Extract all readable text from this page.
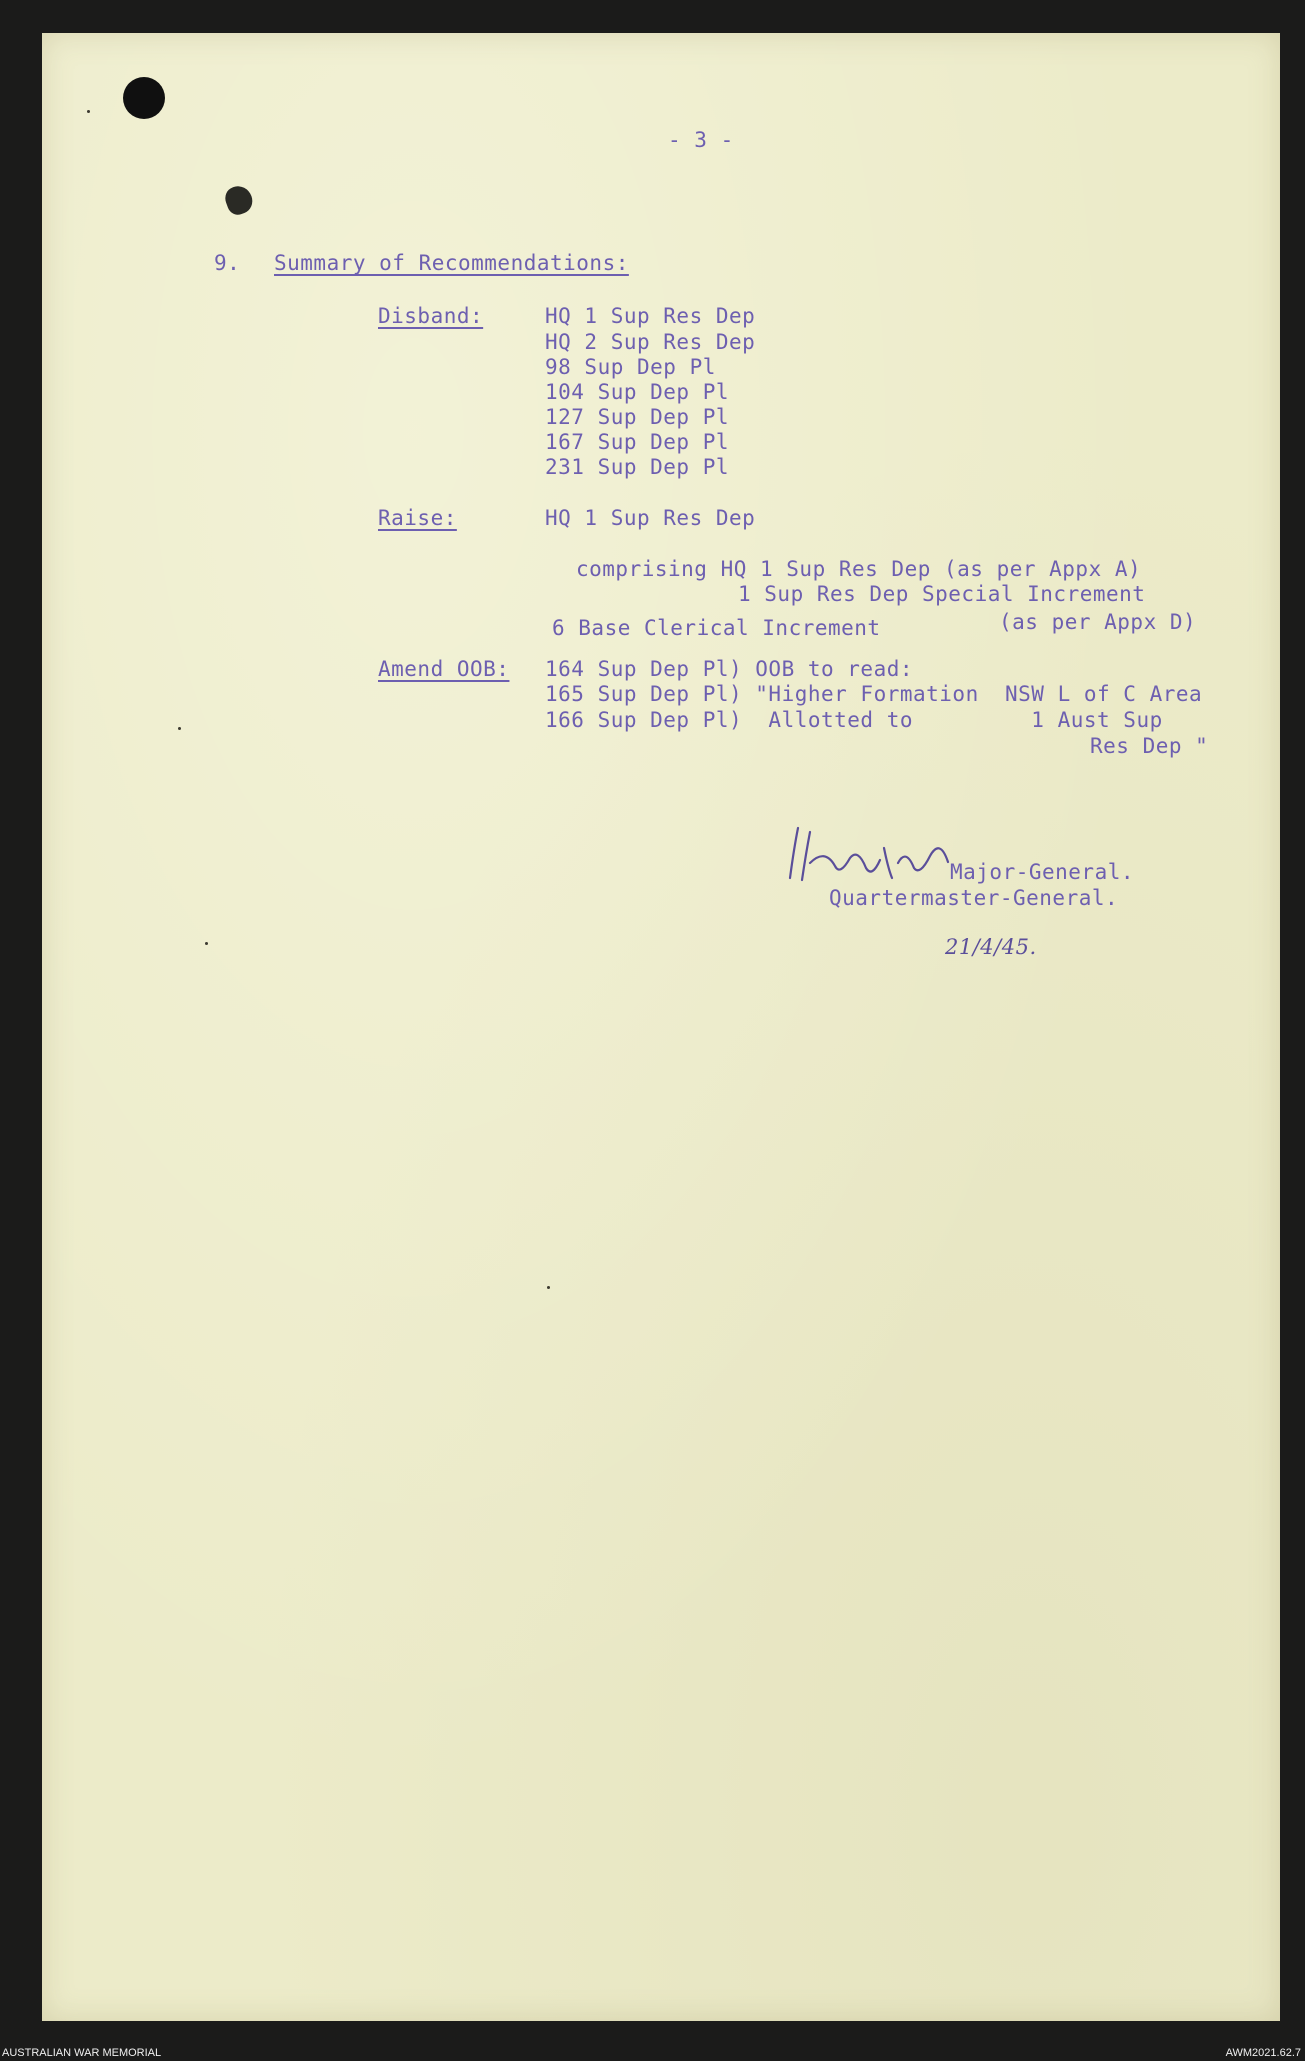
- 3 -
9. Summary of Recommendations:
Disband:	HQ 1 Sup Res Dep
HQ 2 Sup Res Dep
98 Sup Dep Pl
104 Sup Dep Pl
127 Sup Dep Pl
167 Sup Dep Pl
231 Sup Dep Pl
Raise:	HQ 1 Sup Res Dep
comprising HQ 1 Sup Res Dep (as per Appx A)
1 Sup Res Dep Special Increment
(as per Appx D)
6 Base Clerical Increment
Amend OOB: 164 Sup Dep Pl) OOB to read:
165 Sup Dep Pl) "Higher Formation  NSW L of C Area
166 Sup Dep Pl)  Allotted to         1 Aust Sup
Res Dep "
Major-General.
Quartermaster-General.
21/4/45.
AUSTRALIAN WAR MEMORIAL	AWM2021.62.7
